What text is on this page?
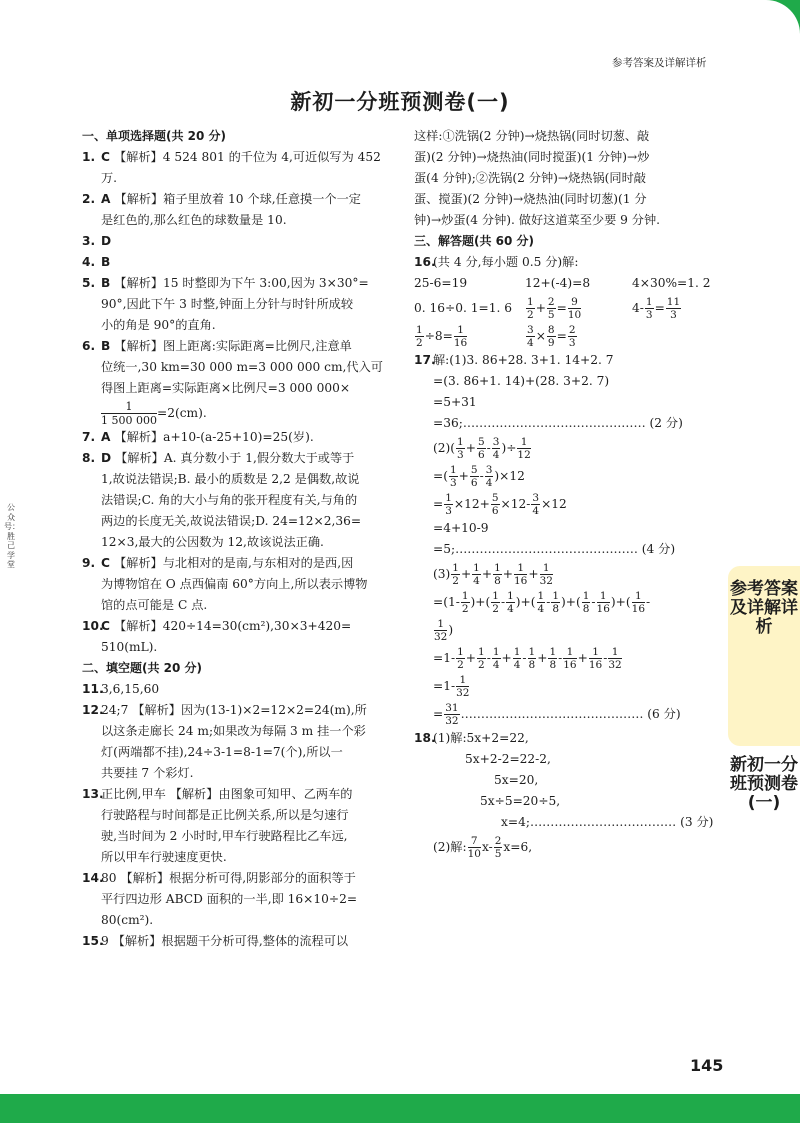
参考答案及详解详析
新初一分班预测卷(一)
公众号：胜己学堂

一、单项选择题(共 20 分)

1. C 【解析】4 524 801 的千位为 4,可近似写为 452

万.

2. A 【解析】箱子里放着 10 个球,任意摸一个一定

是红色的,那么红色的球数量是 10.

3. D

4. B

5. B 【解析】15 时整即为下午 3:00,因为 3×30°=

90°,因此下午 3 时整,钟面上分针与时针所成较

小的角是 90°的直角.

6. B 【解析】图上距离:实际距离=比例尺,注意单

位统一,30 km=30 000 m=3 000 000 cm,代入可

得图上距离=实际距离×比例尺=3 000 000×

$\frac{1}{1 500 000} =2(cm)$.

7. A 【解析】a+10-(a-25+10)=25(岁).

8. D 【解析】A. 真分数小于 1,假分数大于或等于

1,故说法错误;B. 最小的质数是 2,2 是偶数,故说

法错误;C. 角的大小与角的张开程度有关,与角的

两边的长度无关,故说法错误;D. 24=12×2,36=

12×3,最大的公因数为 12,故该说法正确.

9. C 【解析】与北相对的是南,与东相对的是西,因

为博物馆在 O 点西偏南 60°方向上,所以表示博物

馆的点可能是 C 点.

10.C 【解析】420÷14=30(cm²),30×3+420=

510(mL).

二、填空题(共 20 分)

11.3,6,15,60

12.24;7 【解析】因为(13-1)×2=12×2=24(m),所

以这条走廊长 24 m;如果改为每隔 3 m 挂一个彩

灯(两端都不挂),24÷3-1=8-1=7(个),所以一

共要挂 7 个彩灯.

13.正比例,甲车 【解析】由图象可知甲、乙两车的

行驶路程与时间都是正比例关系,所以是匀速行

驶,当时间为 2 小时时,甲车行驶路程比乙车远,

所以甲车行驶速度更快.

14.80 【解析】根据分析可得,阴影部分的面积等于

平行四边形 ABCD 面积的一半,即 16×10÷2=

80(cm²).

15.9 【解析】根据题干分析可得,整体的流程可以

这样:①洗锅(2 分钟)→烧热锅(同时切葱、敲

蛋)(2 分钟)→烧热油(同时搅蛋)(1 分钟)→炒

蛋(4 分钟);②洗锅(2 分钟)→烧热锅(同时敲

蛋、搅蛋)(2 分钟)→烧热油(同时切葱)(1 分

钟)→炒蛋(4 分钟). 做好这道菜至少要 9 分钟.

三、解答题(共 60 分)

16.(共 4 分,每小题 0.5 分)解:

25-6=19	12+(-4)=8	4×30%=1. 2

0. 16÷0. 1=1. 6	$\frac{1}{2} + \frac{2}{5} = \frac{9}{10}$	$4- \frac{1}{3} = \frac{11}{3}$

$\frac{1}{2} \div 8= \frac{1}{16}$	$\frac{3}{4} \times \frac{8}{9} = \frac{2}{3}$

17.解:(1)3. 86+28. 3+1. 14+2. 7

=(3. 86+1. 14)+(28. 3+2. 7)

=5+31

=36;……………………………………… (2 分)

$(2)( \frac{1}{3} + \frac{5}{6} - \frac{3}{4}$ )÷ $\frac{1}{12}$

=( $\frac{1}{3} + \frac{5}{6} - \frac{3}{4} )\times 12$

= $\frac{1}{3} \times 12+ \frac{5}{6} \times 12- \frac{3}{4} \times 12$

=4+10-9

=5;……………………………………… (4 分)

$(3) \frac{1}{2} + \frac{1}{4} + \frac{1}{8} + \frac{1}{16} + \frac{1}{32}$

$=(1- \frac{1}{2}$ )+( $\frac{1}{2} - \frac{1}{4}$ )+( $\frac{1}{4} - \frac{1}{8}$ )+( $\frac{1}{8} - \frac{1}{16}$ )+( $\frac{1}{16}$ -

$\frac{1}{32}$ )

$=1- \frac{1}{2} + \frac{1}{2} - \frac{1}{4} + \frac{1}{4} - \frac{1}{8} + \frac{1}{8} - \frac{1}{16} + \frac{1}{16} - \frac{1}{32}$

$=1- \frac{1}{32}$

= $\frac{31}{32}$ ……………………………………… (6 分)

18.(1)解:5x+2=22,

5x+2-2=22-2,

5x=20,

5x÷5=20÷5,

x=4;……………………………… (3 分)

(2)解: $\frac{7}{10} x- \frac{2}{5} x=6$,

参考答案及详解详析
新初一分班预测卷(一)
145
